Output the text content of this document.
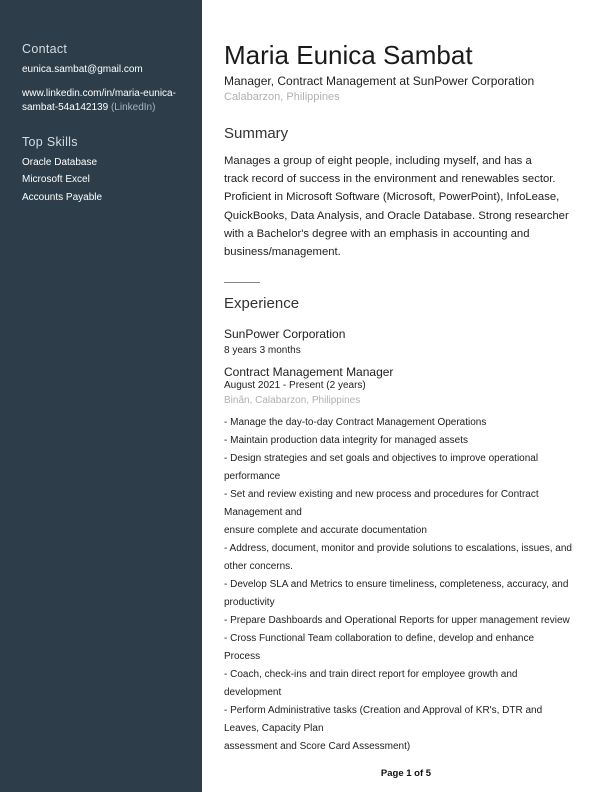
Contact
eunica.sambat@gmail.com
www.linkedin.com/in/maria-eunica-
sambat-54a142139 (LinkedIn)
Top Skills
Oracle Database
Microsoft Excel
Accounts Payable
Maria Eunica Sambat
Manager, Contract Management at SunPower Corporation
Calabarzon, Philippines
Summary
Manages a group of eight people, including myself, and has a
track record of success in the environment and renewables sector.
Proficient in Microsoft Software (Microsoft, PowerPoint), InfoLease,
QuickBooks, Data Analysis, and Oracle Database. Strong researcher
with a Bachelor's degree with an emphasis in accounting and
business/management.
Experience
SunPower Corporation
8 years 3 months
Contract Management Manager
August 2021 - Present (2 years)
Binãn, Calabarzon, Philippines
- Manage the day-to-day Contract Management Operations
- Maintain production data integrity for managed assets
- Design strategies and set goals and objectives to improve operational
performance
- Set and review existing and new process and procedures for Contract
Management and
ensure complete and accurate documentation
- Address, document, monitor and provide solutions to escalations, issues, and
other concerns.
- Develop SLA and Metrics to ensure timeliness, completeness, accuracy, and
productivity
- Prepare Dashboards and Operational Reports for upper management review
- Cross Functional Team collaboration to define, develop and enhance
Process
- Coach, check-ins and train direct report for employee growth and
development
- Perform Administrative tasks (Creation and Approval of KR's, DTR and
Leaves, Capacity Plan
assessment and Score Card Assessment)
Page 1 of 5
